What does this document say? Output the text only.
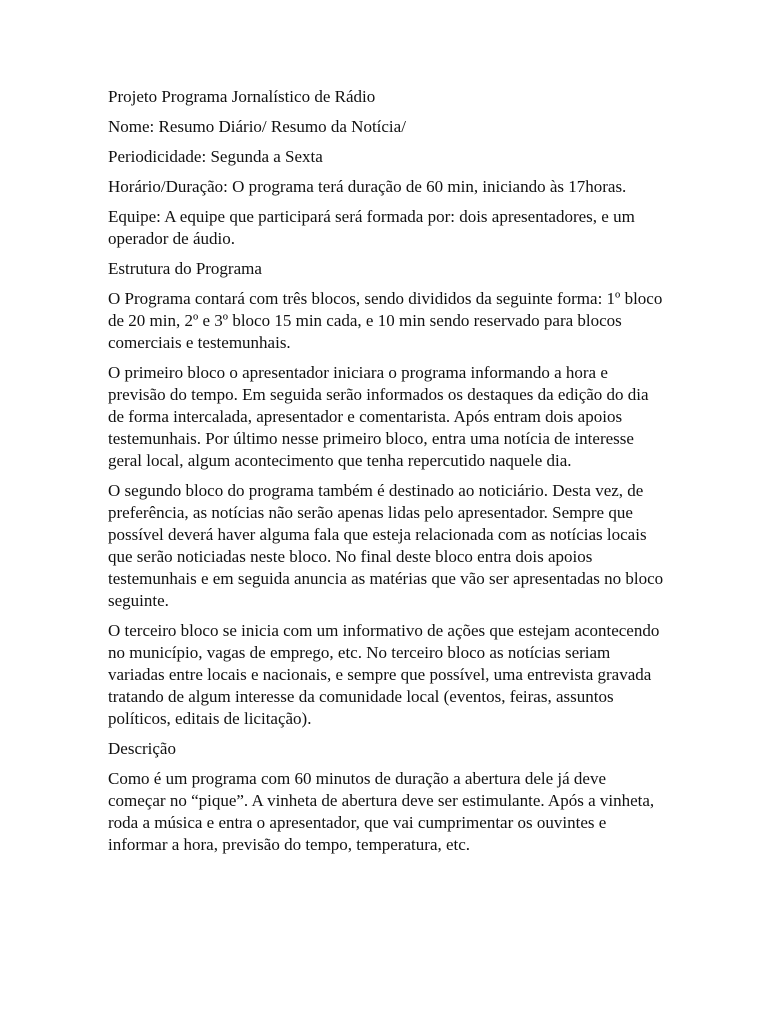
Projeto Programa Jornalístico de Rádio

Nome: Resumo Diário/ Resumo da Notícia/

Periodicidade: Segunda a Sexta

Horário/Duração: O programa terá duração de 60 min, iniciando às 17horas.

Equipe: A equipe que participará será formada por: dois apresentadores, e um operador de áudio.

Estrutura do Programa

O Programa contará com três blocos, sendo divididos da seguinte forma: 1º bloco de 20 min, 2º e 3º bloco 15 min cada, e 10 min sendo reservado para blocos comerciais e testemunhais.

O primeiro bloco o apresentador iniciara o programa informando a hora e previsão do tempo. Em seguida serão informados os destaques da edição do dia de forma intercalada, apresentador e comentarista. Após entram dois apoios testemunhais. Por último nesse primeiro bloco, entra uma notícia de interesse geral local, algum acontecimento que tenha repercutido naquele dia.

O segundo bloco do programa também é destinado ao noticiário. Desta vez, de preferência, as notícias não serão apenas lidas pelo apresentador. Sempre que possível deverá haver alguma fala que esteja relacionada com as notícias locais que serão noticiadas neste bloco. No final deste bloco entra dois apoios testemunhais e em seguida anuncia as matérias que vão ser apresentadas no bloco seguinte.

O terceiro bloco se inicia com um informativo de ações que estejam acontecendo no município, vagas de emprego, etc. No terceiro bloco as notícias seriam variadas entre locais e nacionais, e sempre que possível, uma entrevista gravada tratando de algum interesse da comunidade local (eventos, feiras, assuntos políticos, editais de licitação).

Descrição

Como é um programa com 60 minutos de duração a abertura dele já deve começar no “pique”. A vinheta de abertura deve ser estimulante. Após a vinheta, roda a música e entra o apresentador, que vai cumprimentar os ouvintes e informar a hora, previsão do tempo, temperatura, etc.
